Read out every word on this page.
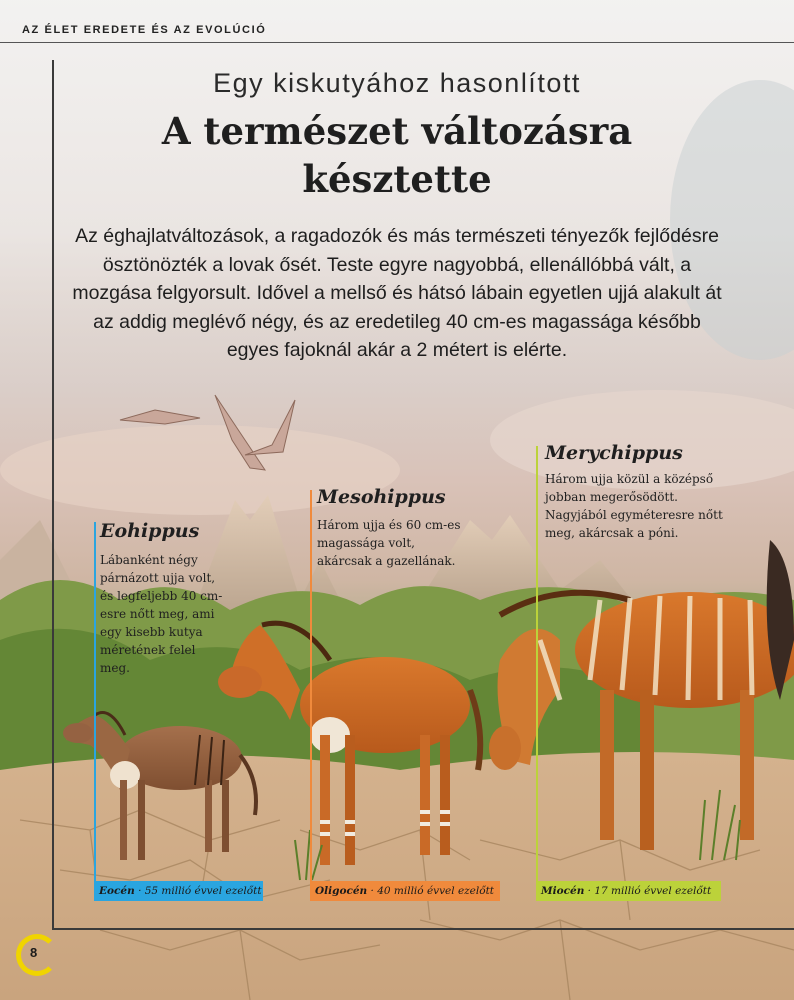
AZ ÉLET EREDETE ÉS AZ EVOLÚCIÓ
Egy kiskutyához hasonlított
A természet változásra késztette
Az éghajlatváltozások, a ragadozók és más természeti tényezők fejlődésre ösztönözték a lovak ősét. Teste egyre nagyobbá, ellenállóbbá vált, a mozgása felgyorsult. Idővel a mellső és hátsó lábain egyetlen ujjá alakult át az addig meglévő négy, és az eredetileg 40 cm-es magassága később egyes fajoknál akár a 2 métert is elérte.
Eohippus
Lábanként négy párnázott ujja volt, és legfeljebb 40 cm-esre nőtt meg, ami egy kisebb kutya méretének felel meg.
Eocén · 55 millió évvel ezelőtt
Mesohippus
Három ujja és 60 cm-es magassága volt, akárcsak a gazellának.
Oligocén · 40 millió évvel ezelőtt
Merychippus
Három ujja közül a középső jobban megerősödött. Nagyjából egyméteresre nőtt meg, akárcsak a póni.
Miocén · 17 millió évvel ezelőtt
8
